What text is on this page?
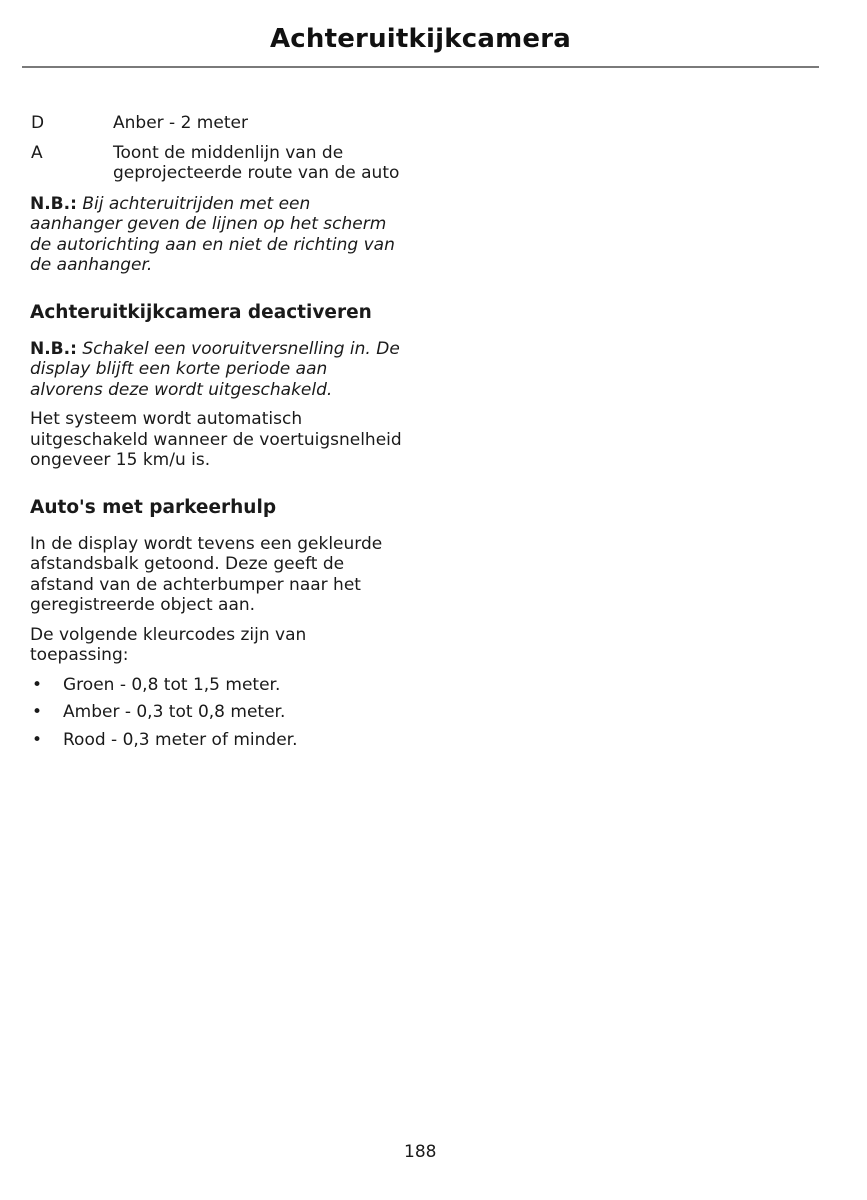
Achteruitkijkcamera
D	Anber - 2 meter
A	Toont de middenlijn van de geprojecteerde route van de auto

N.B.: Bij achteruitrijden met een aanhanger geven de lijnen op het scherm de autorichting aan en niet de richting van de aanhanger.

Achteruitkijkcamera deactiveren

N.B.: Schakel een vooruitversnelling in. De display blijft een korte periode aan alvorens deze wordt uitgeschakeld.

Het systeem wordt automatisch uitgeschakeld wanneer de voertuigsnelheid ongeveer 15 km/u is.

Auto's met parkeerhulp

In de display wordt tevens een gekleurde afstandsbalk getoond. Deze geeft de afstand van de achterbumper naar het geregistreerde object aan.

De volgende kleurcodes zijn van toepassing:

•	Groen - 0,8 tot 1,5 meter.
•	Amber - 0,3 tot 0,8 meter.
•	Rood - 0,3 meter of minder.
188
